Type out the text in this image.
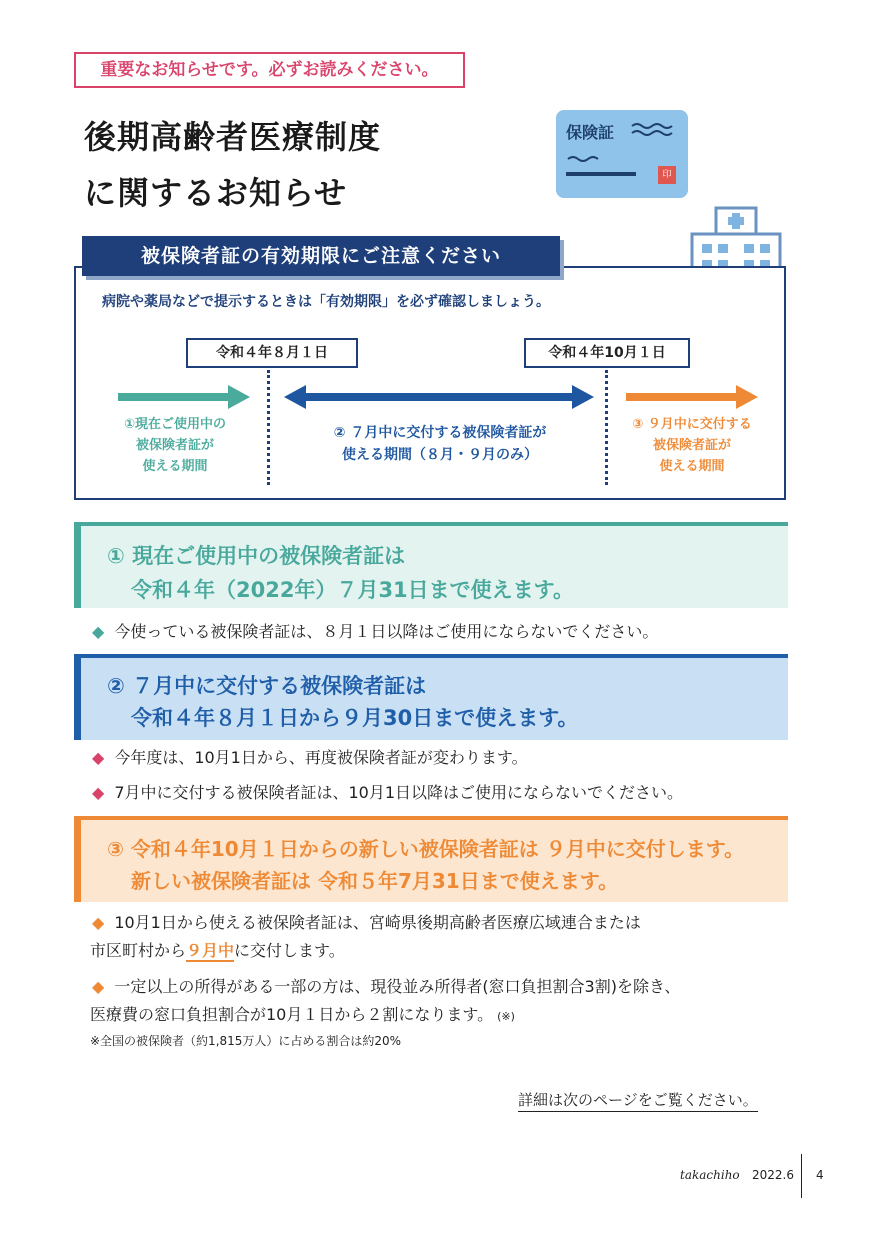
重要なお知らせです。必ずお読みください。
後期高齢者医療制度
に関するお知らせ
保険証
印
被保険者証の有効期限にご注意ください
病院や薬局などで提示するときは「有効期限」を必ず確認しましょう。
令和４年８月１日	令和４年10月１日
①現在ご使用中の
被保険者証が
使える期間
② ７月中に交付する被保険者証が
使える期間（８月・９月のみ）
③ ９月中に交付する
被保険者証が
使える期間
① 現在ご使用中の被保険者証は
令和４年（2022年）７月31日まで使えます。
◆ 今使っている被保険者証は、８月１日以降はご使用にならないでください。
② ７月中に交付する被保険者証は
令和４年８月１日から９月30日まで使えます。
◆ 今年度は、10月1日から、再度被保険者証が変わります。
◆ 7月中に交付する被保険者証は、10月1日以降はご使用にならないでください。
③ 令和４年10月１日からの新しい被保険者証は ９月中に交付します。
新しい被保険者証は 令和５年7月31日まで使えます。
◆ 10月1日から使える被保険者証は、宮崎県後期高齢者医療広域連合または
市区町村から９月中に交付します。
◆ 一定以上の所得がある一部の方は、現役並み所得者(窓口負担割合3割)を除き、
医療費の窓口負担割合が10月１日から２割になります。 (※)
※全国の被保険者（約1,815万人）に占める割合は約20%
詳細は次のページをご覧ください。
takachiho 2022.6 4
